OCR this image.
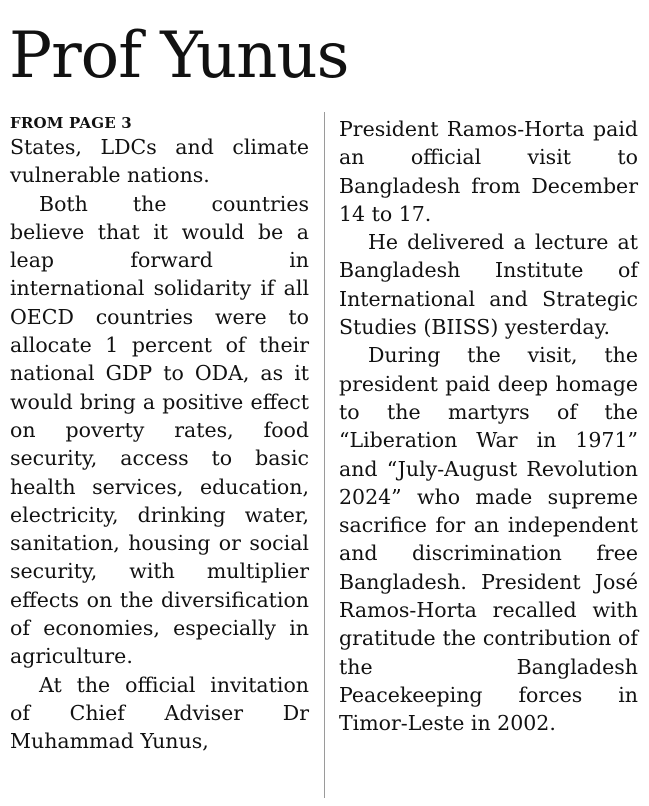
Prof Yunus
FROM PAGE 3

States, LDCs and climate vulnerable nations.

Both the countries believe that it would be a leap forward in international solidarity if all OECD countries were to allocate 1 percent of their national GDP to ODA, as it would bring a positive effect on poverty rates, food security, access to basic health services, education, electricity, drinking water, sanitation, housing or social security, with multiplier effects on the diversification of economies, especially in agriculture.

At the official invitation of Chief Adviser Dr Muhammad Yunus,

President Ramos-Horta paid an official visit to Bangladesh from December 14 to 17.

He delivered a lecture at Bangladesh Institute of International and Strategic Studies (BIISS) yesterday.

During the visit, the president paid deep homage to the martyrs of the “Liberation War in 1971” and “July-August Revolution 2024” who made supreme sacrifice for an independent and discrimination free Bangladesh. President José Ramos-Horta recalled with gratitude the contribution of the Bangladesh Peacekeeping forces in Timor-Leste in 2002.
